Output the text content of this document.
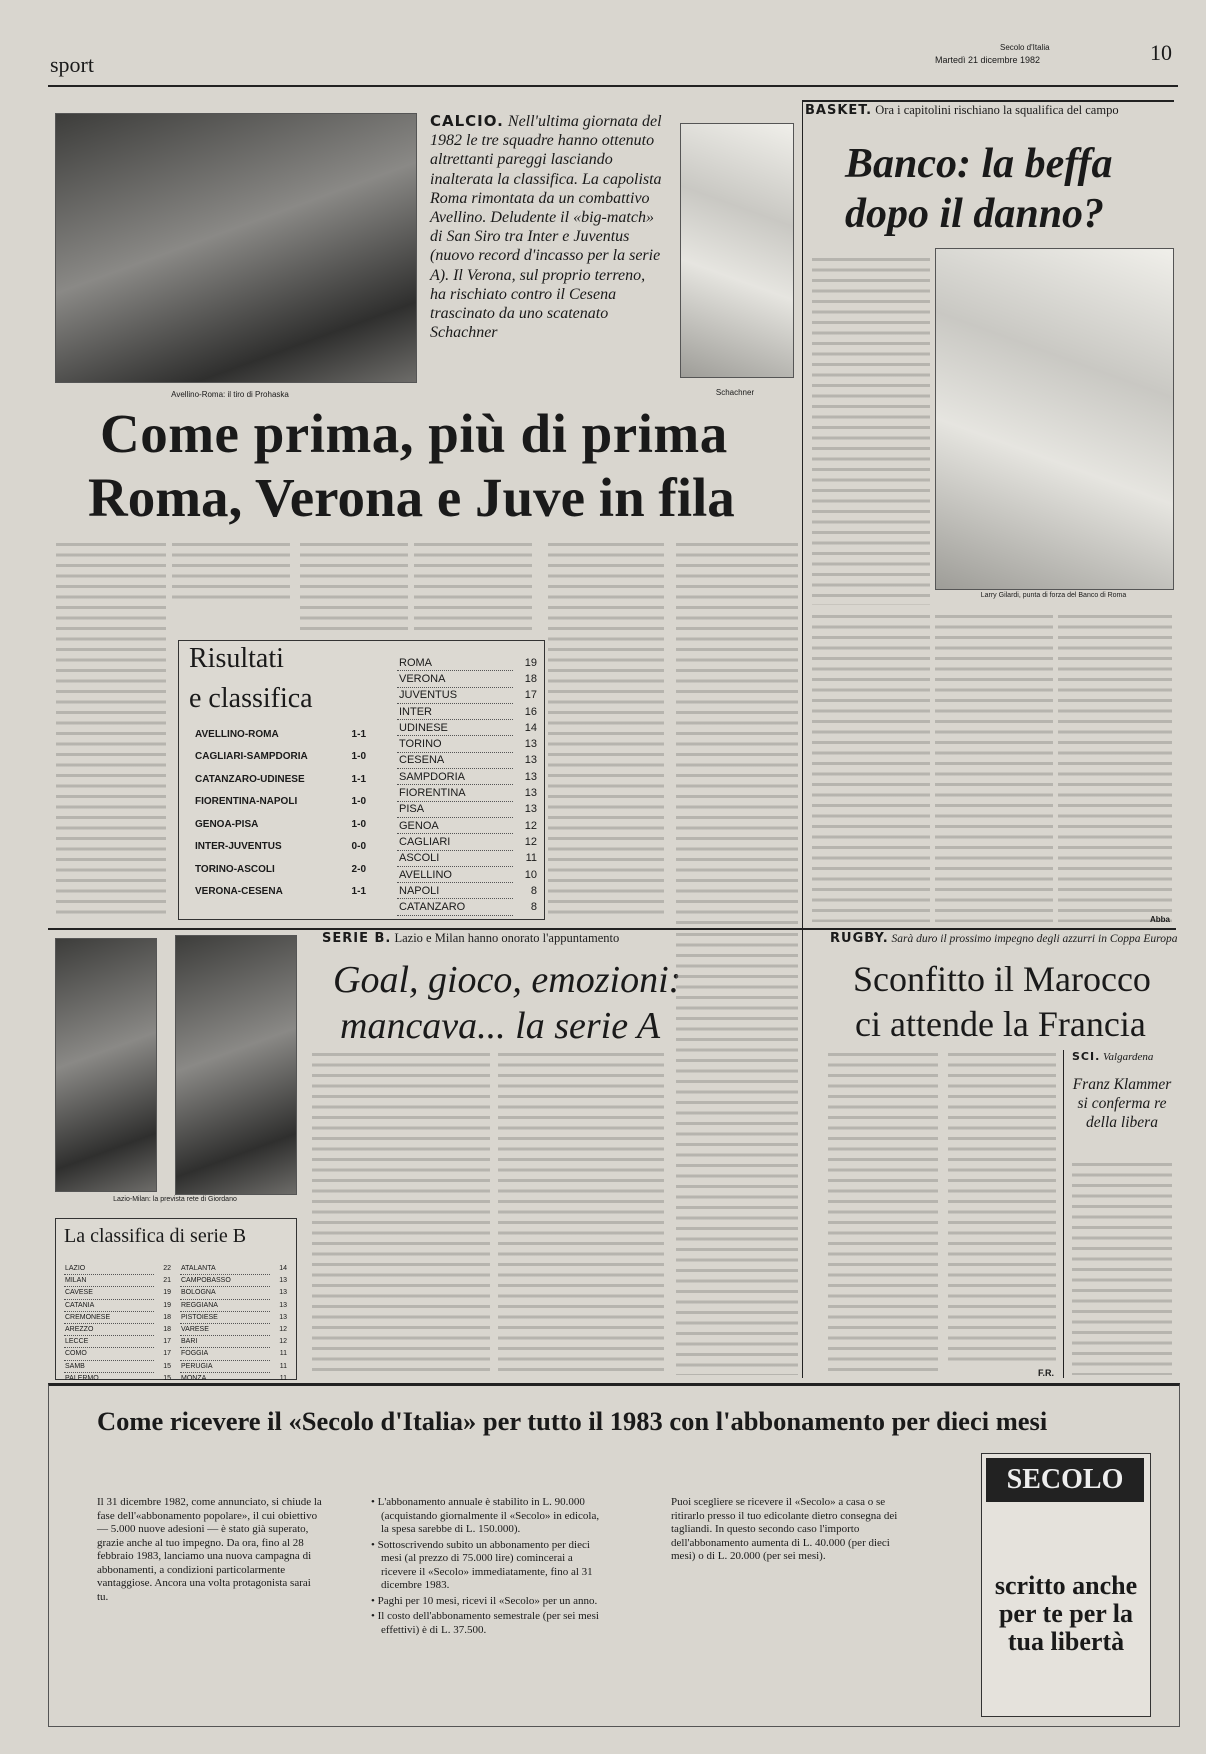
sport
Secolo d'Italia
Martedì 21 dicembre 1982	10
Avellino-Roma: il tiro di Prohaska
CALCIO. Nell'ultima giornata del 1982 le tre squadre hanno ottenuto altrettanti pareggi lasciando inalterata la classifica. La capolista Roma rimontata da un combattivo Avellino. Deludente il «big-match» di San Siro tra Inter e Juventus (nuovo record d'incasso per la serie A). Il Verona, sul proprio terreno, ha rischiato contro il Cesena trascinato da uno scatenato Schachner
Schachner
Come prima, più di prima
Roma, Verona e Juve in fila
Risultati
e classifica
AVELLINO-ROMA	1-1
CAGLIARI-SAMPDORIA	1-0
CATANZARO-UDINESE	1-1
FIORENTINA-NAPOLI	1-0
GENOA-PISA	1-0
INTER-JUVENTUS	0-0
TORINO-ASCOLI	2-0
VERONA-CESENA	1-1
ROMA	19
VERONA	18
JUVENTUS	17
INTER	16
UDINESE	14
TORINO	13
CESENA	13
SAMPDORIA	13
FIORENTINA	13
PISA	13
GENOA	12
CAGLIARI	12
ASCOLI	11
AVELLINO	10
NAPOLI	8
CATANZARO	8
BASKET. Ora i capitolini rischiano la squalifica del campo
Banco: la beffa
dopo il danno?
Larry Gilardi, punta di forza del Banco di Roma
Abba
Lazio-Milan: la prevista rete di Giordano
SERIE B. Lazio e Milan hanno onorato l'appuntamento
Goal, gioco, emozioni:
mancava... la serie A
La classifica di serie B
LAZIO	22
MILAN	21
CAVESE	19
CATANIA	19
CREMONESE	18
AREZZO	18
LECCE	17
COMO	17
SAMB	15
PALERMO	15
ATALANTA	14
CAMPOBASSO	13
BOLOGNA	13
REGGIANA	13
PISTOIESE	13
VARESE	12
BARI	12
FOGGIA	11
PERUGIA	11
MONZA	11
RUGBY. Sarà duro il prossimo impegno degli azzurri in Coppa Europa
Sconfitto il Marocco
ci attende la Francia
F.R.
SCI. Valgardena
Franz Klammer si conferma re della libera
Come ricevere il «Secolo d'Italia» per tutto il 1983 con l'abbonamento per dieci mesi
Il 31 dicembre 1982, come annunciato, si chiude la fase dell'«abbonamento popolare», il cui obiettivo — 5.000 nuove adesioni — è stato già superato, grazie anche al tuo impegno. Da ora, fino al 28 febbraio 1983, lanciamo una nuova campagna di abbonamenti, a condizioni particolarmente vantaggiose. Ancora una volta protagonista sarai tu.
• L'abbonamento annuale è stabilito in L. 90.000 (acquistando giornalmente il «Secolo» in edicola, la spesa sarebbe di L. 150.000).
• Sottoscrivendo subito un abbonamento per dieci mesi (al prezzo di 75.000 lire) comincerai a ricevere il «Secolo» immediatamente, fino al 31 dicembre 1983.
• Paghi per 10 mesi, ricevi il «Secolo» per un anno.
• Il costo dell'abbonamento semestrale (per sei mesi effettivi) è di L. 37.500.
Puoi scegliere se ricevere il «Secolo» a casa o se ritirarlo presso il tuo edicolante dietro consegna dei tagliandi. In questo secondo caso l'importo dell'abbonamento aumenta di L. 40.000 (per dieci mesi) o di L. 20.000 (per sei mesi).
SECOLO
scritto anche per te per la tua libertà
